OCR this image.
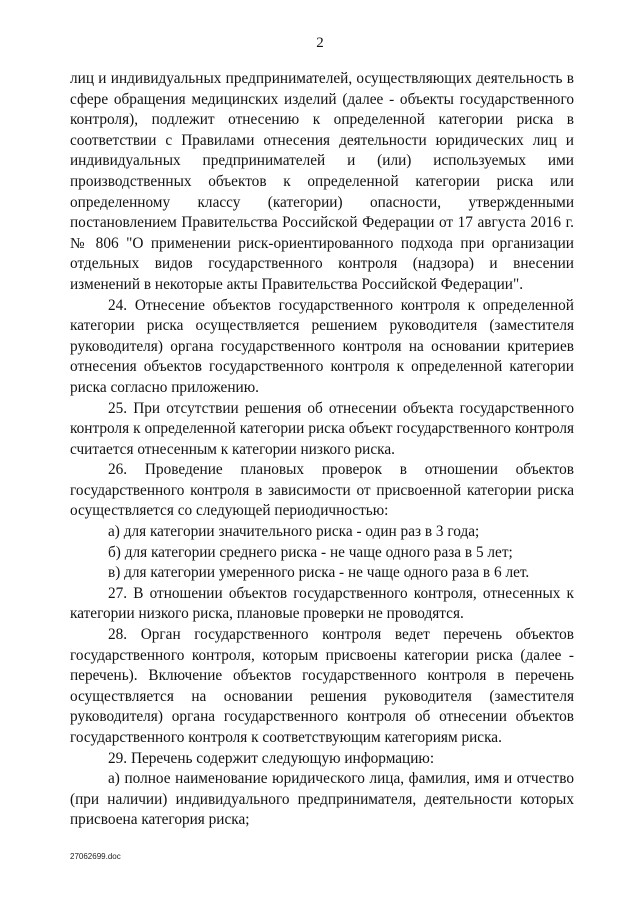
2

лиц и индивидуальных предпринимателей, осуществляющих деятельность в сфере обращения медицинских изделий (далее - объекты государственного контроля), подлежит отнесению к определенной категории риска в соответствии с Правилами отнесения деятельности юридических лиц и индивидуальных предпринимателей и (или) используемых ими производственных объектов к определенной категории риска или определенному классу (категории) опасности, утвержденными постановлением Правительства Российской Федерации от 17 августа 2016 г. № 806 "О применении риск-ориентированного подхода при организации отдельных видов государственного контроля (надзора) и внесении изменений в некоторые акты Правительства Российской Федерации".

24. Отнесение объектов государственного контроля к определенной категории риска осуществляется решением руководителя (заместителя руководителя) органа государственного контроля на основании критериев отнесения объектов государственного контроля к определенной категории риска согласно приложению.

25. При отсутствии решения об отнесении объекта государственного контроля к определенной категории риска объект государственного контроля считается отнесенным к категории низкого риска.

26. Проведение плановых проверок в отношении объектов государственного контроля в зависимости от присвоенной категории риска осуществляется со следующей периодичностью:

а) для категории значительного риска - один раз в 3 года;

б) для категории среднего риска - не чаще одного раза в 5 лет;

в) для категории умеренного риска - не чаще одного раза в 6 лет.

27. В отношении объектов государственного контроля, отнесенных к категории низкого риска, плановые проверки не проводятся.

28. Орган государственного контроля ведет перечень объектов государственного контроля, которым присвоены категории риска (далее - перечень). Включение объектов государственного контроля в перечень осуществляется на основании решения руководителя (заместителя руководителя) органа государственного контроля об отнесении объектов государственного контроля к соответствующим категориям риска.

29. Перечень содержит следующую информацию:

а) полное наименование юридического лица, фамилия, имя и отчество (при наличии) индивидуального предпринимателя, деятельности которых присвоена категория риска;

27062699.doc
